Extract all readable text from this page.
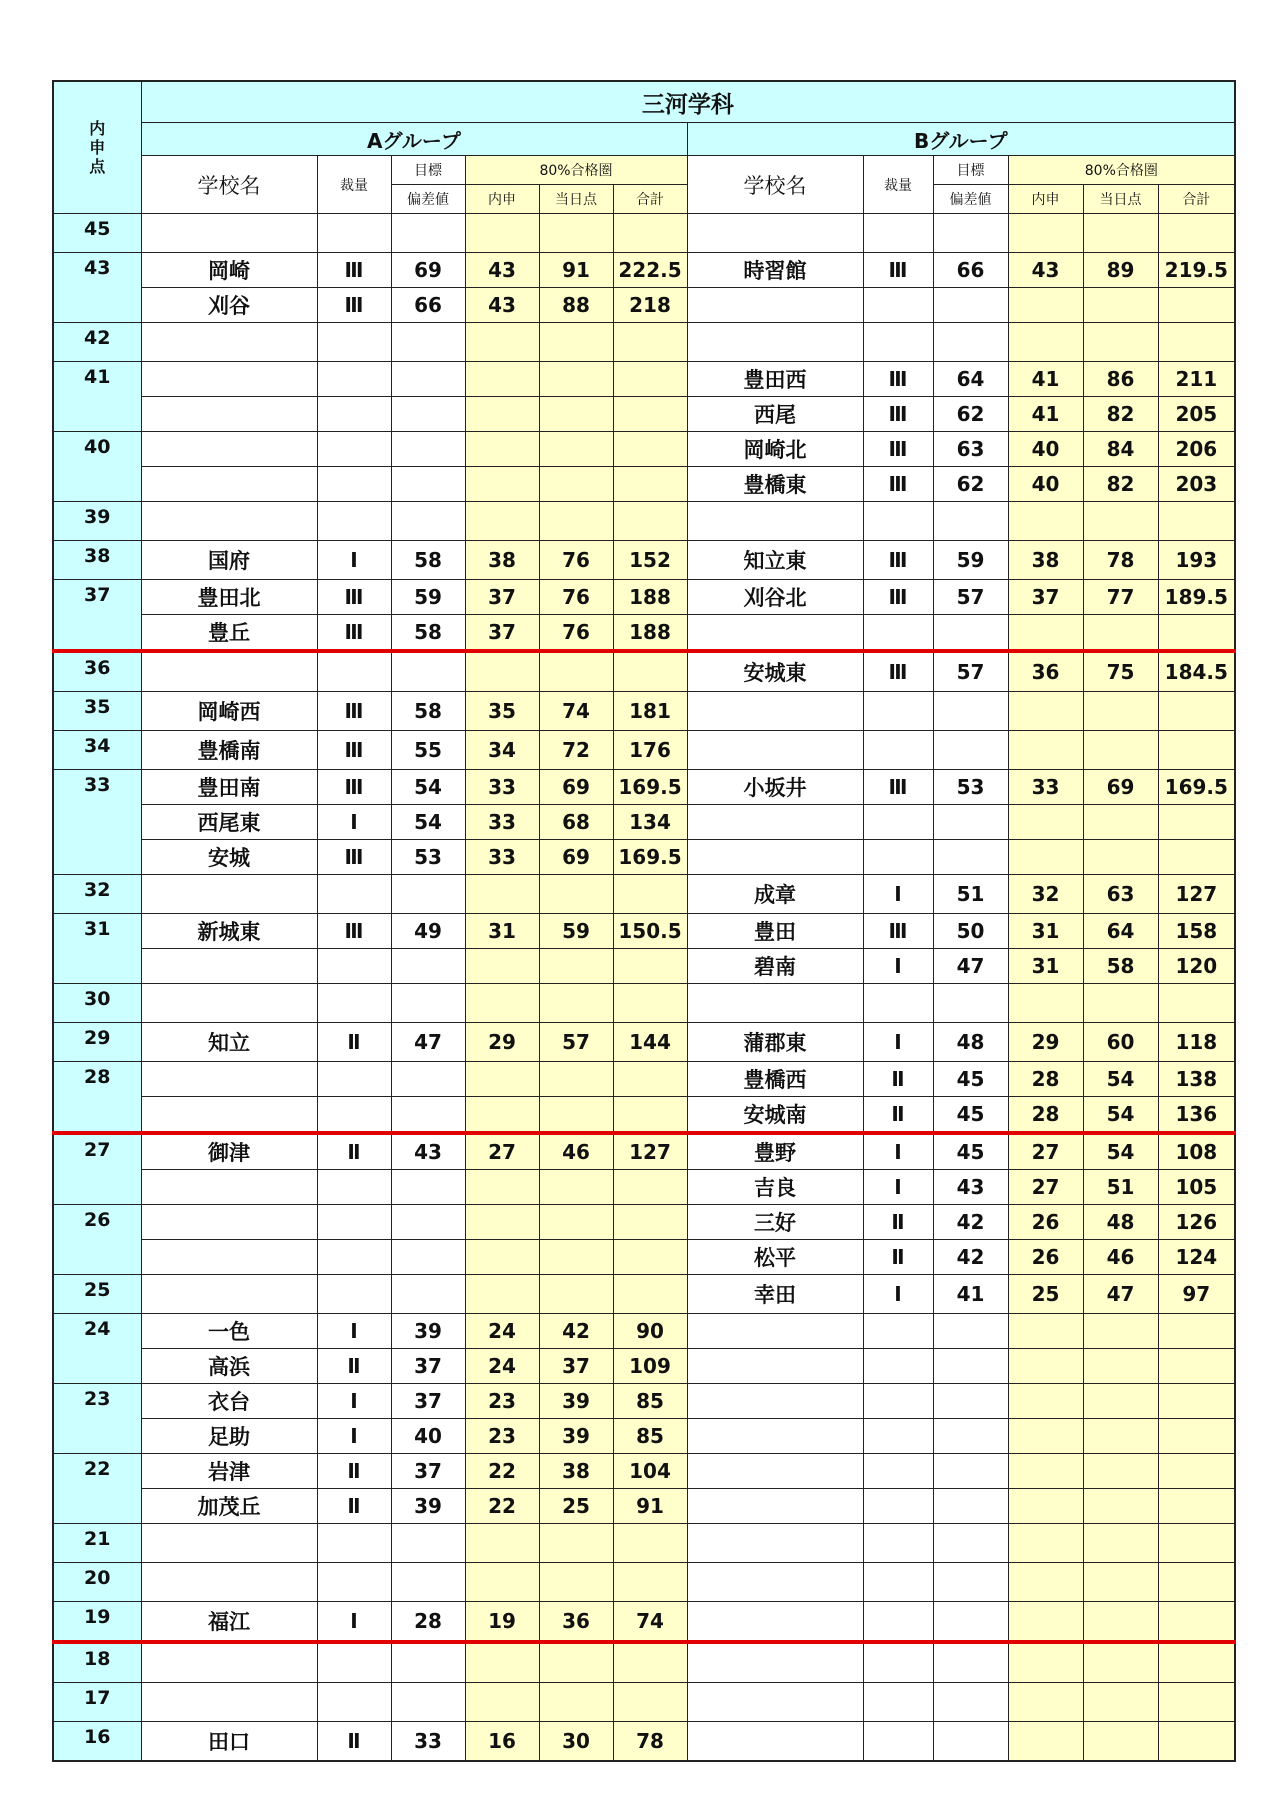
内
申
点	三河学科											
	Aグループ						Bグループ					
	学校名	裁量	目標	80%合格圏			学校名	裁量	目標	80%合格圏		
			偏差値	内申	当日点	合計			偏差値	内申	当日点	合計
45												
43	岡崎	Ⅲ	69	43	91	222.5	時習館	Ⅲ	66	43	89	219.5
	刈谷	Ⅲ	66	43	88	218						
42												
41							豊田西	Ⅲ	64	41	86	211
							西尾	Ⅲ	62	41	82	205
40							岡崎北	Ⅲ	63	40	84	206
							豊橋東	Ⅲ	62	40	82	203
39												
38	国府	Ⅰ	58	38	76	152	知立東	Ⅲ	59	38	78	193
37	豊田北	Ⅲ	59	37	76	188	刈谷北	Ⅲ	57	37	77	189.5
	豊丘	Ⅲ	58	37	76	188						
36							安城東	Ⅲ	57	36	75	184.5
35	岡崎西	Ⅲ	58	35	74	181						
34	豊橋南	Ⅲ	55	34	72	176						
33	豊田南	Ⅲ	54	33	69	169.5	小坂井	Ⅲ	53	33	69	169.5
	西尾東	Ⅰ	54	33	68	134						
	安城	Ⅲ	53	33	69	169.5						
32							成章	Ⅰ	51	32	63	127
31	新城東	Ⅲ	49	31	59	150.5	豊田	Ⅲ	50	31	64	158
							碧南	Ⅰ	47	31	58	120
30												
29	知立	Ⅱ	47	29	57	144	蒲郡東	Ⅰ	48	29	60	118
28							豊橋西	Ⅱ	45	28	54	138
							安城南	Ⅱ	45	28	54	136
27	御津	Ⅱ	43	27	46	127	豊野	Ⅰ	45	27	54	108
							吉良	Ⅰ	43	27	51	105
26							三好	Ⅱ	42	26	48	126
							松平	Ⅱ	42	26	46	124
25							幸田	Ⅰ	41	25	47	97
24	一色	Ⅰ	39	24	42	90						
	高浜	Ⅱ	37	24	37	109						
23	衣台	Ⅰ	37	23	39	85						
	足助	Ⅰ	40	23	39	85						
22	岩津	Ⅱ	37	22	38	104						
	加茂丘	Ⅱ	39	22	25	91						
21												
20												
19	福江	Ⅰ	28	19	36	74						
18												
17												
16	田口	Ⅱ	33	16	30	78						
